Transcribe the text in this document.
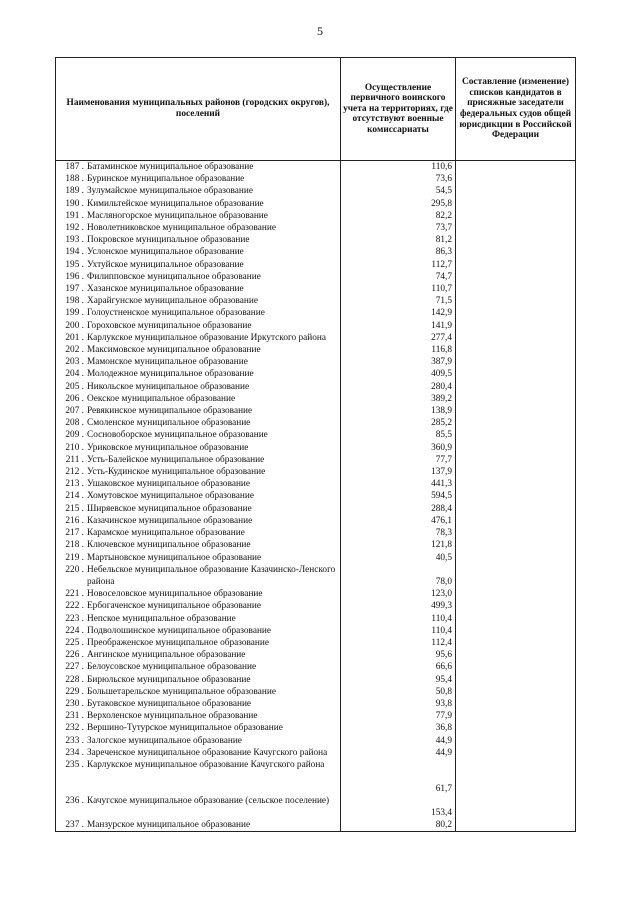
5
Наименования муниципальных районов (городских округов), поселений	Осуществление первичного воинского учета на территориях, где отсутствуют военные комиссариаты	Составление (изменение) списков кандидатов в присяжные заседатели федеральных судов общей юрисдикции в Российской Федерации
187 . Батаминское муниципальное образование	110,6	
188 . Буринское муниципальное образование	73,6	
189 . Зулумайское муниципальное образование	54,5	
190 . Кимильтейское муниципальное образование	295,8	
191 . Масляногорское муниципальное образование	82,2	
192 . Новолетниковское муниципальное образование	73,7	
193 . Покровское муниципальное образование	81,2	
194 . Услонское муниципальное образование	86,3	
195 . Ухтуйское муниципальное образование	112,7	
196 . Филипповское муниципальное образование	74,7	
197 . Хазанское муниципальное образование	110,7	
198 . Харайгунское муниципальное образование	71,5	
199 . Голоустненское муниципальное образование	142,9	
200 . Гороховское муниципальное образование	141,9	
201 . Карлукское муниципальное образование Иркутского района	277,4	
202 . Максимовское муниципальное образование	116,8	
203 . Мамонское муниципальное образование	387,9	
204 . Молодежное муниципальное образование	409,5	
205 . Никольское муниципальное образование	280,4	
206 . Оекское муниципальное образование	389,2	
207 . Ревякинское муниципальное образование	138,9	
208 . Смоленское муниципальное образование	285,2	
209 . Сосновоборское муниципальное образование	85,5	
210 . Уриковское муниципальное образование	360,9	
211 . Усть-Балейское муниципальное образование	77,7	
212 . Усть-Кудинское муниципальное образование	137,9	
213 . Ушаковское муниципальное образование	441,3	
214 . Хомутовское муниципальное образование	594,5	
215 . Ширяевское муниципальное образование	288,4	
216 . Казачинское муниципальное образование	476,1	
217 . Карамское муниципальное образование	78,3	
218 . Ключевское муниципальное образование	121,8	
219 . Мартыновское муниципальное образование	40,5	
220 . Небельское муниципальное образование Казачинско-Ленского района	78,0	
221 . Новоселовское муниципальное образование	123,0	
222 . Ербогаченское муниципальное образование	499,3	
223 . Непское муниципальное образование	110,4	
224 . Подволошинское муниципальное образование	110,4	
225 . Преображенское муниципальное образование	112,4	
226 . Ангинское муниципальное образование	95,6	
227 . Белоусовское муниципальное образование	66,6	
228 . Бирюльское муниципальное образование	95,4	
229 . Большетарельское муниципальное образование	50,8	
230 . Бутаковское муниципальное образование	93,8	
231 . Верхоленское муниципальное образование	77,9	
232 . Вершино-Тутурское муниципальное образование	36,8	
233 . Залогское муниципальное образование	44,9	
234 . Зареченское муниципальное образование Качугского района	44,9	
235 . Карлукское муниципальное образование Качугского района	61,7	
236 . Качугское муниципальное образование (сельское поселение)	153,4	
237 . Манзурское муниципальное образование	80,2	
